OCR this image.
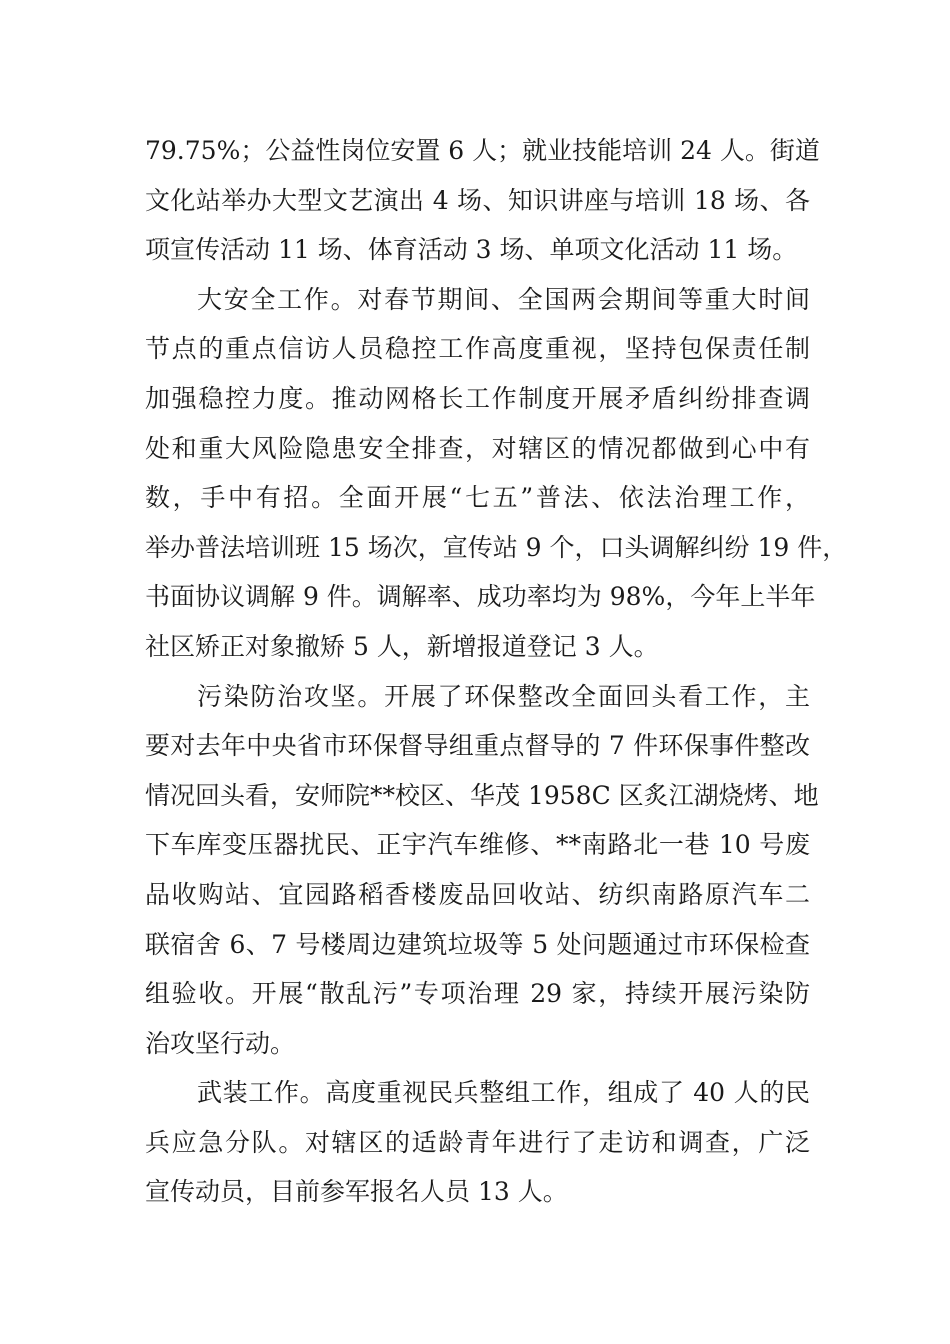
79.75%；公益性岗位安置 6 人；就业技能培训 24 人。街道
文化站举办大型文艺演出 4 场、知识讲座与培训 18 场、各
项宣传活动 11 场、体育活动 3 场、单项文化活动 11 场。
大安全工作。对春节期间、全国两会期间等重大时间
节点的重点信访人员稳控工作高度重视，坚持包保责任制
加强稳控力度。推动网格长工作制度开展矛盾纠纷排查调
处和重大风险隐患安全排查，对辖区的情况都做到心中有
数，手中有招。全面开展“七五”普法、依法治理工作，
举办普法培训班 15 场次，宣传站 9 个，口头调解纠纷 19 件，
书面协议调解 9 件。调解率、成功率均为 98%，今年上半年
社区矫正对象撤矫 5 人，新增报道登记 3 人。
污染防治攻坚。开展了环保整改全面回头看工作，主
要对去年中央省市环保督导组重点督导的 7 件环保事件整改
情况回头看，安师院**校区、华茂 1958C 区炙江湖烧烤、地
下车库变压器扰民、正宇汽车维修、**南路北一巷 10 号废
品收购站、宜园路稻香楼废品回收站、纺织南路原汽车二
联宿舍 6、7 号楼周边建筑垃圾等 5 处问题通过市环保检查
组验收。开展“散乱污”专项治理 29 家，持续开展污染防
治攻坚行动。
武装工作。高度重视民兵整组工作，组成了 40 人的民
兵应急分队。对辖区的适龄青年进行了走访和调查，广泛
宣传动员，目前参军报名人员 13 人。
